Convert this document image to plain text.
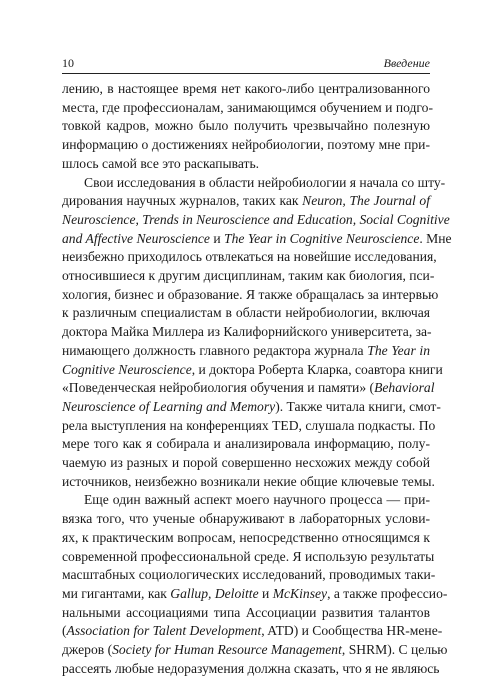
10	Введение
лению, в настоящее время нет какого-либо централизованного
места, где профессионалам, занимающимся обучением и подго-
товкой кадров, можно было получить чрезвычайно полезную
информацию о достижениях нейробиологии, поэтому мне при-
шлось самой все это раскапывать.
Свои исследования в области нейробиологии я начала со шту-
дирования научных журналов, таких как Neuron, The Journal of
Neuroscience, Trends in Neuroscience and Education, Social Cognitive
and Affective Neuroscience и The Year in Cognitive Neuroscience. Мне
неизбежно приходилось отвлекаться на новейшие исследования,
относившиеся к другим дисциплинам, таким как биология, пси-
хология, бизнес и образование. Я также обращалась за интервью
к различным специалистам в области нейробиологии, включая
доктора Майка Миллера из Калифорнийского университета, за-
нимающего должность главного редактора журнала The Year in
Cognitive Neuroscience, и доктора Роберта Кларка, соавтора книги
«Поведенческая нейробиология обучения и памяти» (Behavioral
Neuroscience of Learning and Memory). Также читала книги, смот-
рела выступления на конференциях TED, слушала подкасты. По
мере того как я собирала и анализировала информацию, полу-
чаемую из разных и порой совершенно несхожих между собой
источников, неизбежно возникали некие общие ключевые темы.
Еще один важный аспект моего научного процесса — при-
вязка того, что ученые обнаруживают в лабораторных услови-
ях, к практическим вопросам, непосредственно относящимся к
современной профессиональной среде. Я использую результаты
масштабных социологических исследований, проводимых таки-
ми гигантами, как Gallup, Deloitte и McKinsey, а также профессио-
нальными ассоциациями типа Ассоциации развития талантов
(Association for Talent Development, ATD) и Сообщества HR-мене-
джеров (Society for Human Resource Management, SHRM). С целью
рассеять любые недоразумения должна сказать, что я не являюсь
